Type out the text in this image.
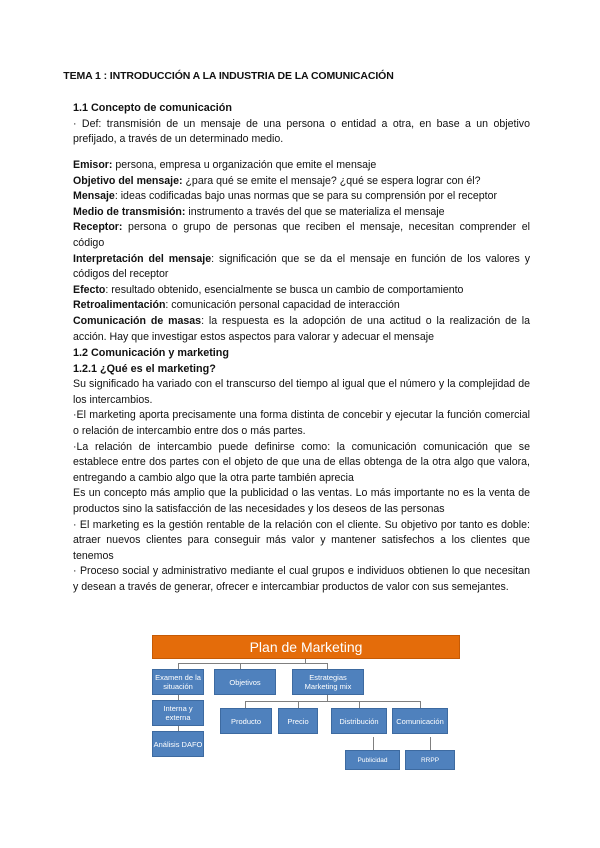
TEMA 1 : INTRODUCCIÓN A LA INDUSTRIA DE LA COMUNICACIÓN

1.1 Concepto de comunicación

· Def: transmisión de un mensaje de una persona o entidad a otra, en base a un objetivo prefijado, a través de un determinado medio.

Emisor: persona, empresa u organización que emite el mensaje

Objetivo del mensaje: ¿para qué se emite el mensaje? ¿qué se espera lograr con él?

Mensaje: ideas codificadas bajo unas normas que se para su comprensión por el receptor

Medio de transmisión: instrumento a través del que se materializa el mensaje

Receptor: persona o grupo de personas que reciben el mensaje, necesitan comprender el código

Interpretación del mensaje: significación que se da el mensaje en función de los valores y códigos del receptor

Efecto: resultado obtenido, esencialmente se busca un cambio de comportamiento

Retroalimentación: comunicación personal capacidad de interacción

Comunicación de masas: la respuesta es la adopción de una actitud o la realización de la acción. Hay que investigar estos aspectos para valorar y adecuar el mensaje

1.2 Comunicación y marketing

1.2.1 ¿Qué es el marketing?

Su significado ha variado con el transcurso del tiempo al igual que el número y la complejidad de los intercambios.

·El marketing aporta precisamente una forma distinta de concebir y ejecutar la función comercial o relación de intercambio entre dos o más partes.

·La relación de intercambio puede definirse como: la comunicación comunicación que se establece entre dos partes con el objeto de que una de ellas obtenga de la otra algo que valora, entregando a cambio algo que la otra parte también aprecia

Es un concepto más amplio que la publicidad o las ventas. Lo más importante no es la venta de productos sino la satisfacción de las necesidades y los deseos de las personas

· El marketing es la gestión rentable de la relación con el cliente. Su objetivo por tanto es doble: atraer nuevos clientes para conseguir más valor y mantener satisfechos a los clientes que tenemos

· Proceso social y administrativo mediante el cual grupos e individuos obtienen lo que necesitan y desean a través de generar, ofrecer e intercambiar productos de valor con sus semejantes.

Plan de Marketing
Examen de la situación	Objetivos	Estrategias Marketing mix
Interna y externa
Análisis DAFO
Producto	Precio	Distribución	Comunicación
Publicidad	RRPP
